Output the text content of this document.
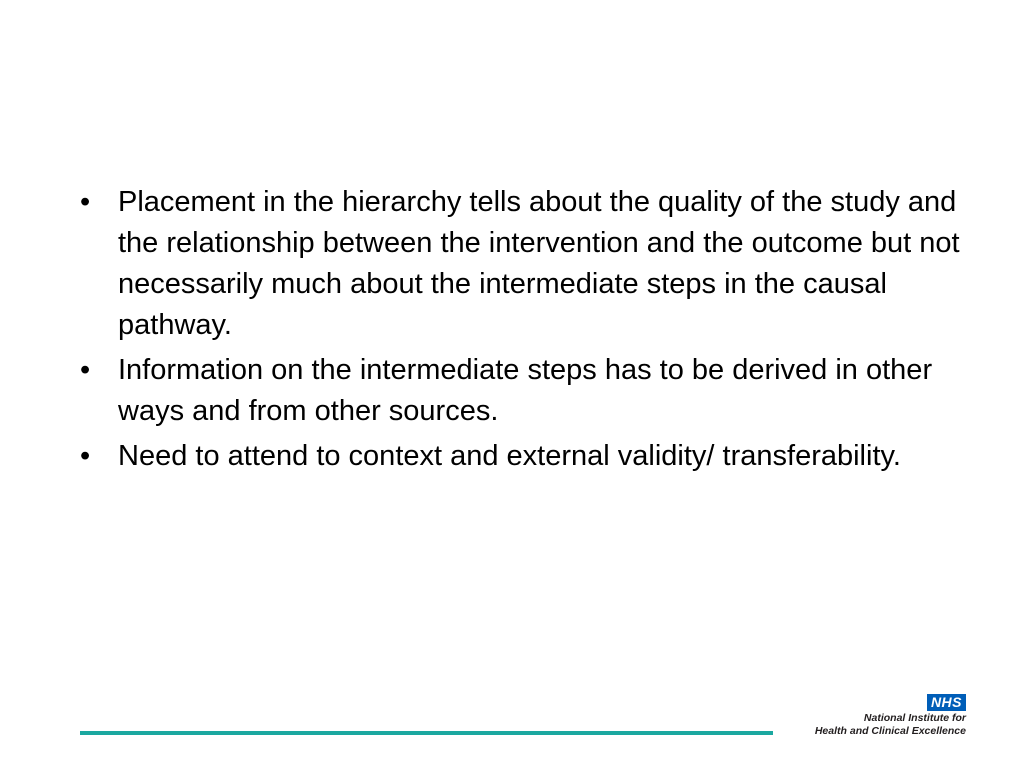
• Placement in the hierarchy tells about the quality of the study and the relationship between the intervention and the outcome but not necessarily much about the intermediate steps in the causal pathway.
• Information on the intermediate steps has to be derived in other ways and from other sources.
• Need to attend to context and external validity/ transferability.
NHS
National Institute for
Health and Clinical Excellence
